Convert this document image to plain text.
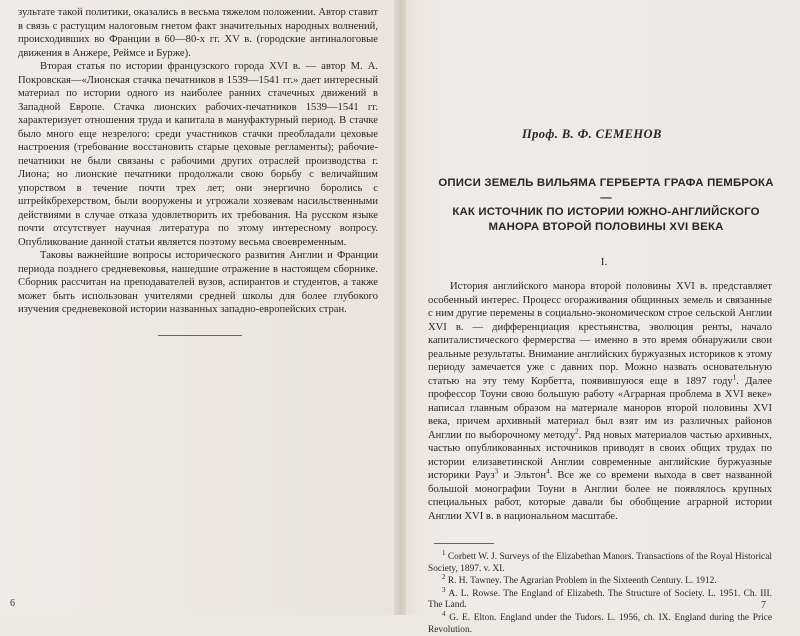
зультате такой политики, оказались в весьма тяжелом положении. Автор ставит в связь с растущим налоговым гнетом факт значительных народных волнений, происходивших во Франции в 60—80-х гг. XV в. (городские антиналоговые движения в Анжере, Реймсе и Бурже).

Вторая статья по истории французского города XVI в. — автор М. А. Покровская—«Лионская стачка печатников в 1539—1541 гг.» дает интересный материал по истории одного из наиболее ранних стачечных движений в Западной Европе. Стачка лионских рабочих-печатников 1539—1541 гг. характеризует отношения труда и капитала в мануфактурный период. В стачке было много еще незрелого: среди участников стачки преобладали цеховые настроения (требование восстановить старые цеховые регламенты); рабочие-печатники не были связаны с рабочими других отраслей производства г. Лиона; но лионские печатники продолжали свою борьбу с величайшим упорством в течение почти трех лет; они энергично боролись с штрейкбрехерством, были вооружены и угрожали хозяевам насильственными действиями в случае отказа удовлетворить их требования. На русском языке почти отсутствует научная литература по этому интересному вопросу. Опубликование данной статьи является поэтому весьма своевременным.

Таковы важнейшие вопросы исторического развития Англии и Франции периода позднего средневековья, нашедшие отражение в настоящем сборнике. Сборник рассчитан на преподавателей вузов, аспирантов и студентов, а также может быть использован учителями средней школы для более глубокого изучения средневековой истории названных западно-европейских стран.

6
Проф. В. Ф. СЕМЕНОВ
ОПИСИ ЗЕМЕЛЬ ВИЛЬЯМА ГЕРБЕРТА ГРАФА ПЕМБРОКА —
КАК ИСТОЧНИК ПО ИСТОРИИ ЮЖНО-АНГЛИЙСКОГО
МАНОРА ВТОРОЙ ПОЛОВИНЫ XVI ВЕКА
I.

История английского манора второй половины XVI в. представляет особенный интерес. Процесс огораживания общинных земель и связанные с ним другие перемены в социально-экономическом строе сельской Англии XVI в. — дифференциация крестьянства, эволюция ренты, начало капиталистического фермерства — именно в это время обнаружили свои реальные результаты. Внимание английских буржуазных историков к этому периоду замечается уже с давних пор. Можно назвать основательную статью на эту тему Корбетта, появившуюся еще в 1897 году$^1$. Далее профессор Тоуни свою большую работу «Аграрная проблема в XVI веке» написал главным образом на материале маноров второй половины XVI века, причем архивный материал был взят им из различных районов Англии по выборочному методу$^2$. Ряд новых материалов частью архивных, частью опубликованных источников приводят в своих общих трудах по истории елизаветинской Англии современные английские буржуазные историки Рауз$^3$ и Эльтон$^4$. Все же со времени выхода в свет названной большой монографии Тоуни в Англии более не появлялось крупных специальных работ, которые давали бы обобщение аграрной истории Англии XVI в. в национальном масштабе.

$^1$ Corbett W. J. Surveys of the Elizabethan Manors. Transactions of the Royal Historical Society, 1897. v. XI.

$^2$ R. H. Tawney. The Agrarian Problem in the Sixteenth Century. L. 1912.

$^3$ A. L. Rowse. The England of Elizabeth. The Structure of Society. L. 1951. Ch. III. The Land.

$^4$ G. E. Elton. England under the Tudors. L. 1956, ch. IX. England during the Price Revolution.

7
